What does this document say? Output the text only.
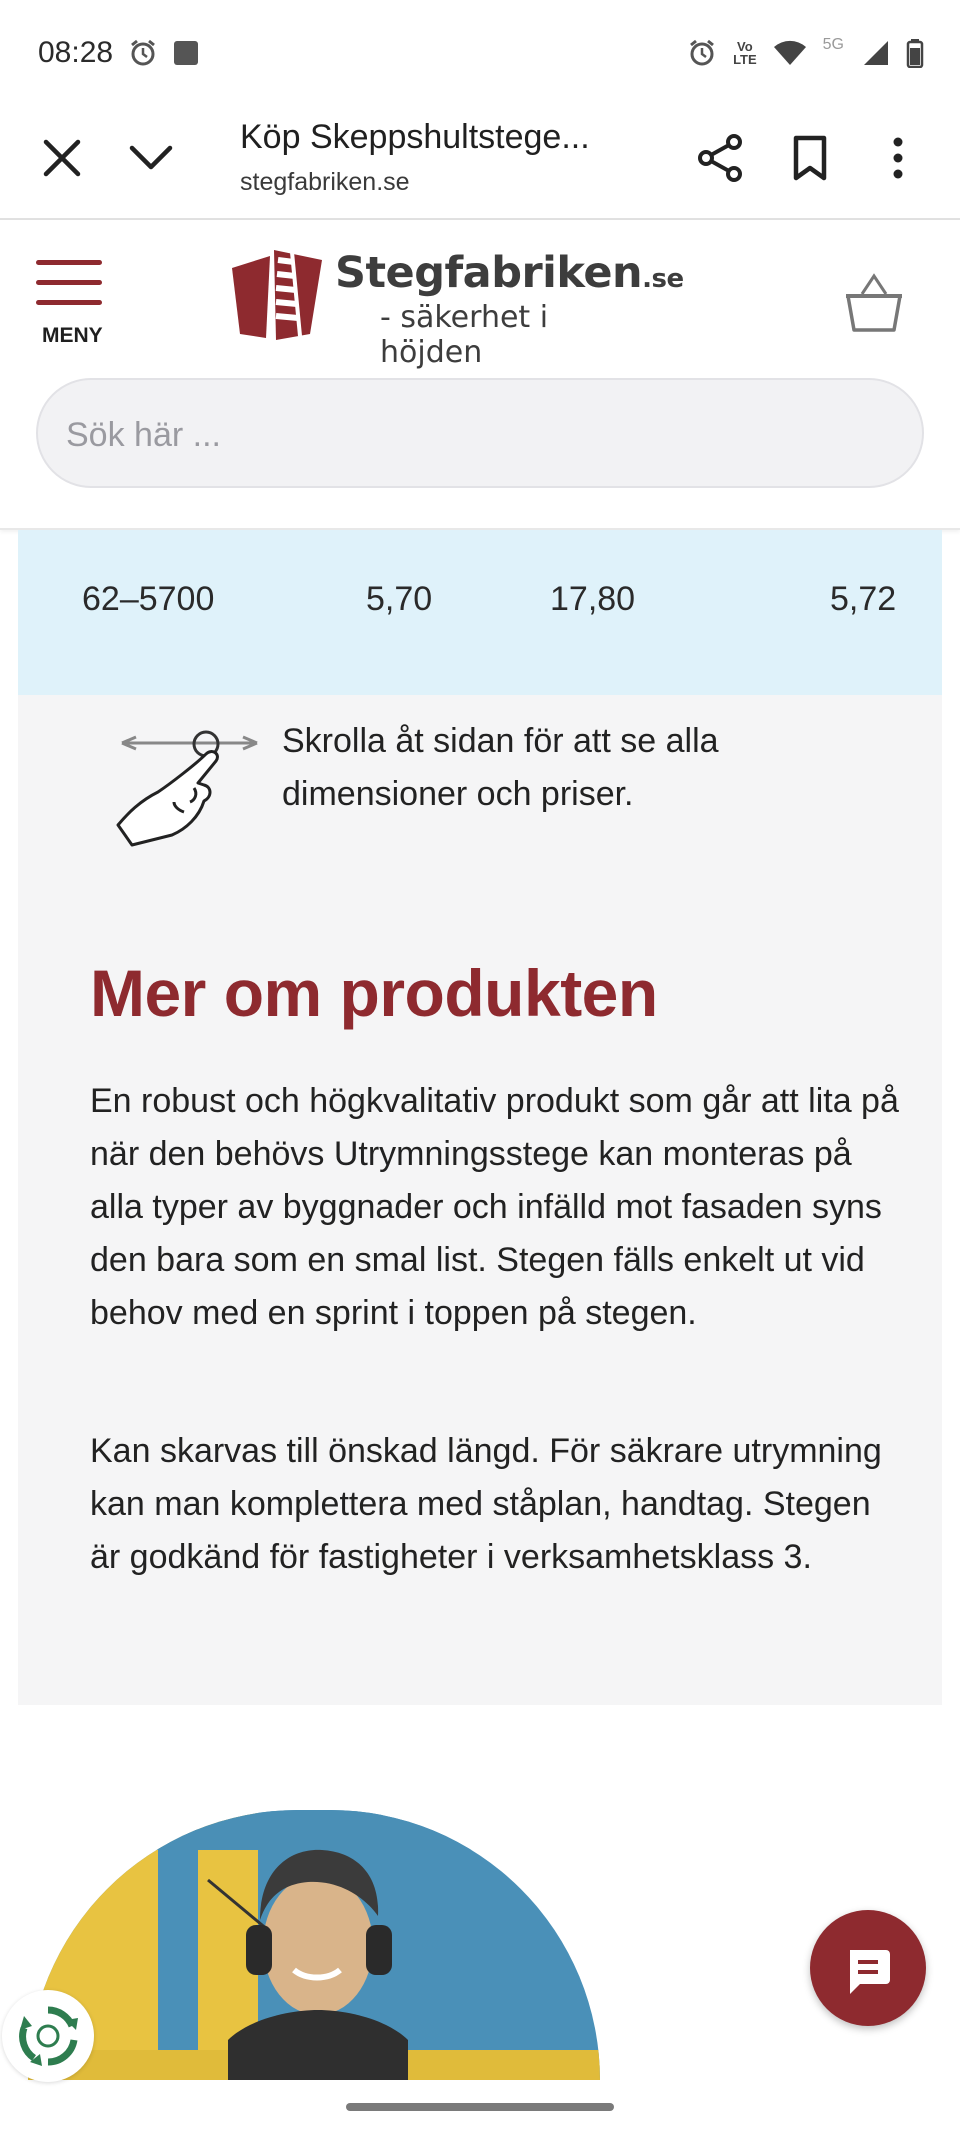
08:28	Vo
LTE
5G
Köp Skeppshultstege...
stegfabriken.se
MENY
Stegfabriken.se
- säkerhet i höjden
Sök här ...
62–5700	5,70	17,80	5,72
Skrolla åt sidan för att se alla dimensioner och priser.
Mer om produkten

En robust och högkvalitativ produkt som går att lita på när den behövs Utrymningsstege kan monteras på alla typer av byggnader och infälld mot fasaden syns den bara som en smal list. Stegen fälls enkelt ut vid behov med en sprint i toppen på stegen.

Kan skarvas till önskad längd. För säkrare utrymning kan man komplettera med ståplan, handtag. Stegen är godkänd för fastigheter i verksamhetsklass 3.
